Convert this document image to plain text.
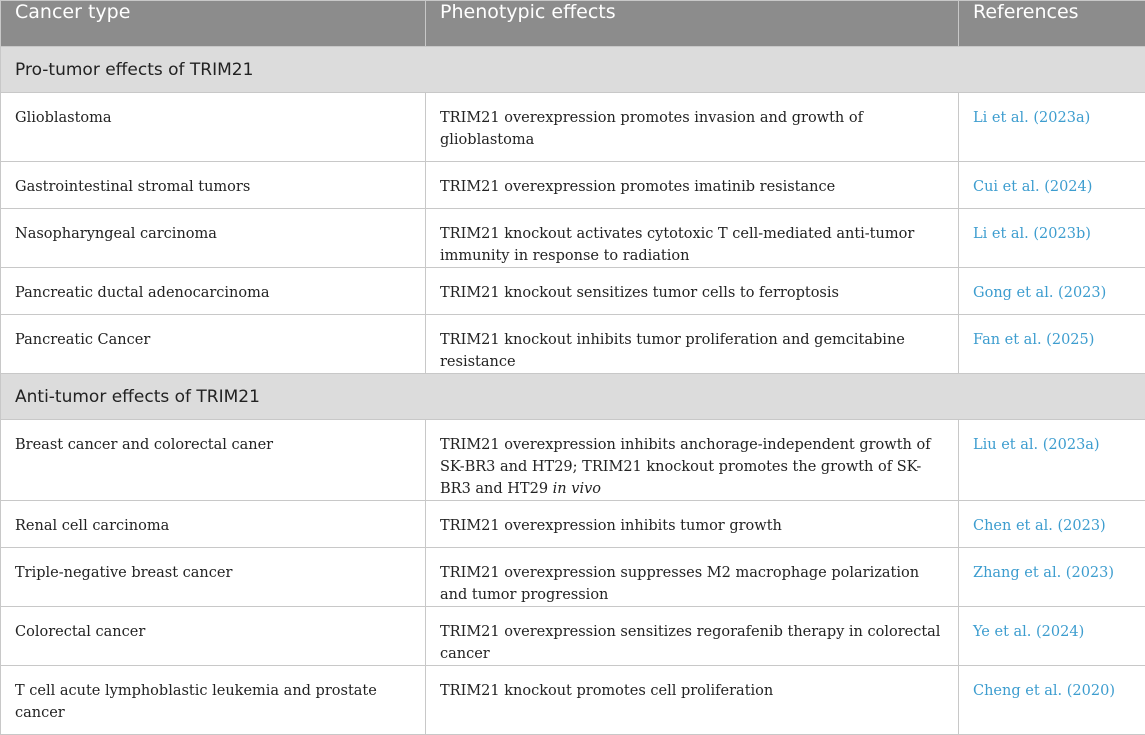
Cancer type	Phenotypic effects	References
Pro-tumor effects of TRIM21		
Glioblastoma	TRIM21 overexpression promotes invasion and growth of glioblastoma	Li et al. (2023a)
Gastrointestinal stromal tumors	TRIM21 overexpression promotes imatinib resistance	Cui et al. (2024)
Nasopharyngeal carcinoma	TRIM21 knockout activates cytotoxic T cell-mediated anti-tumor immunity in response to radiation	Li et al. (2023b)
Pancreatic ductal adenocarcinoma	TRIM21 knockout sensitizes tumor cells to ferroptosis	Gong et al. (2023)
Pancreatic Cancer	TRIM21 knockout inhibits tumor proliferation and gemcitabine resistance	Fan et al. (2025)
Anti-tumor effects of TRIM21		
Breast cancer and colorectal caner	TRIM21 overexpression inhibits anchorage-independent growth of SK-BR3 and HT29; TRIM21 knockout promotes the growth of SK-BR3 and HT29 in vivo	Liu et al. (2023a)
Renal cell carcinoma	TRIM21 overexpression inhibits tumor growth	Chen et al. (2023)
Triple-negative breast cancer	TRIM21 overexpression suppresses M2 macrophage polarization and tumor progression	Zhang et al. (2023)
Colorectal cancer	TRIM21 overexpression sensitizes regorafenib therapy in colorectal cancer	Ye et al. (2024)
T cell acute lymphoblastic leukemia and prostate cancer	TRIM21 knockout promotes cell proliferation	Cheng et al. (2020)
